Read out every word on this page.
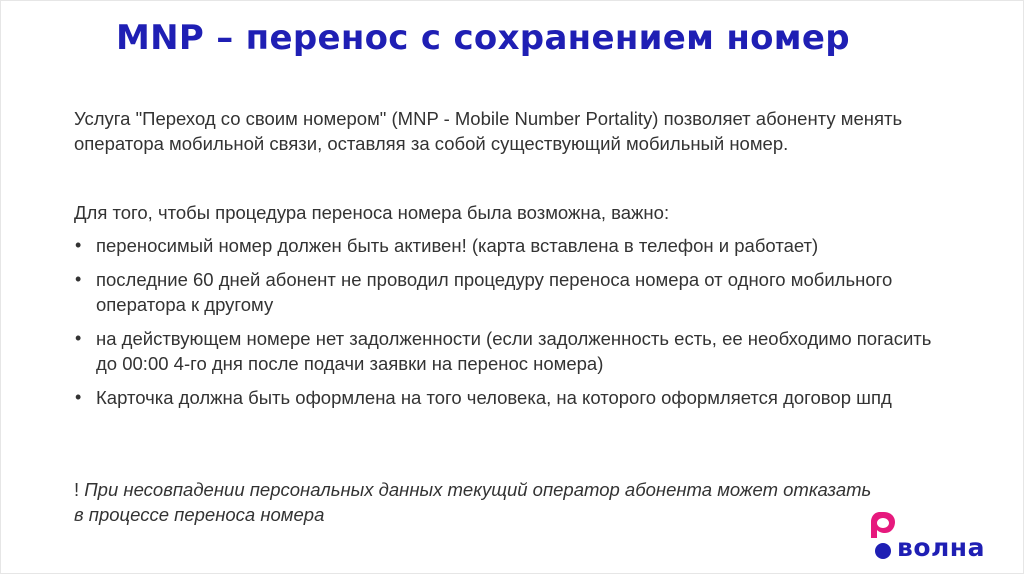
MNP – перенос с сохранением номер
Услуга "Переход со своим номером" (MNP - Mobile Number Portality) позволяет абоненту менять оператора мобильной связи, оставляя за собой существующий мобильный номер.
Для того, чтобы процедура переноса номера была возможна, важно:
• переносимый номер должен быть активен! (карта вставлена в телефон и работает)
• последние 60 дней абонент не проводил процедуру переноса номера от одного мобильного оператора к другому
• на действующем номере нет задолженности (если задолженность есть, ее необходимо погасить до 00:00 4-го дня после подачи заявки на перенос номера)
• Карточка должна быть оформлена на того человека, на которого оформляется договор шпд
! При несовпадении персональных данных текущий оператор абонента может отказать в процессе переноса номера
волна
